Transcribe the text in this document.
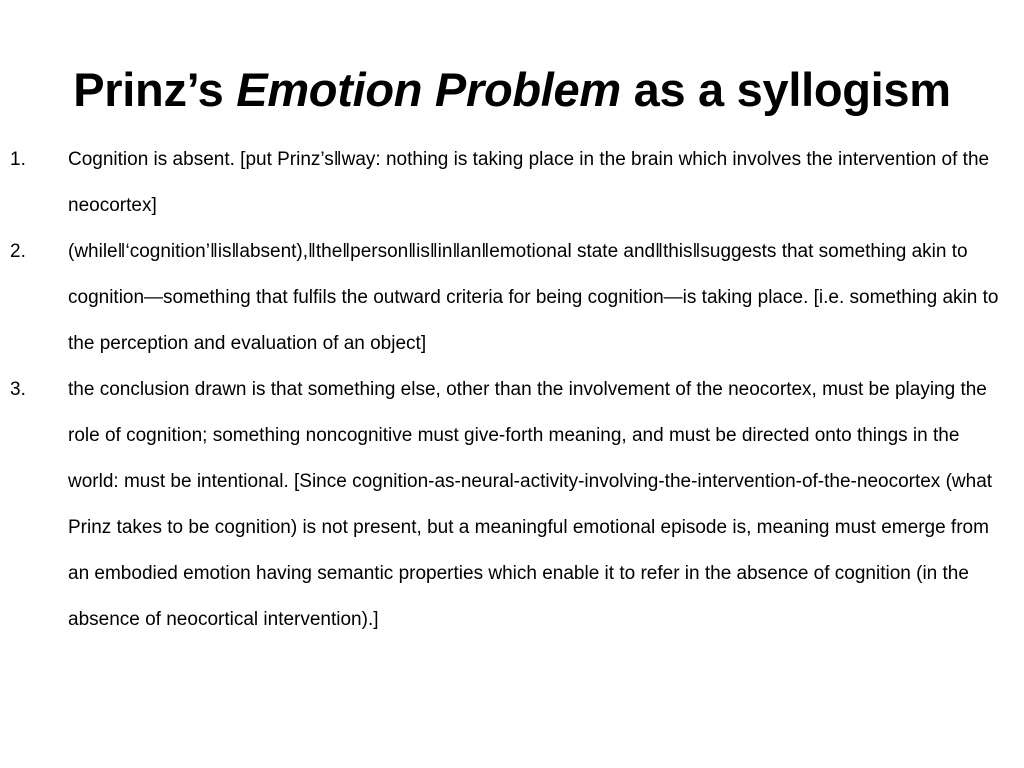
Prinz’s Emotion Problem as a syllogism
1. Cognition is absent. [put Prinz’s‖way: nothing is taking place in the brain which involves the intervention of the neocortex]
2. (while‖‘cognition’‖is‖absent),‖the‖person‖is‖in‖an‖emotional state and‖this‖suggests that something akin to cognition—something that fulfils the outward criteria for being cognition—is taking place. [i.e. something akin to the perception and evaluation of an object]
3. the conclusion drawn is that something else, other than the involvement of the neocortex, must be playing the role of cognition; something noncognitive must give-forth meaning, and must be directed onto things in the world: must be intentional. [Since cognition-as-neural-activity-involving-the-intervention-of-the-neocortex (what Prinz takes to be cognition) is not present, but a meaningful emotional episode is, meaning must emerge from an embodied emotion having semantic properties which enable it to refer in the absence of cognition (in the absence of neocortical intervention).]
